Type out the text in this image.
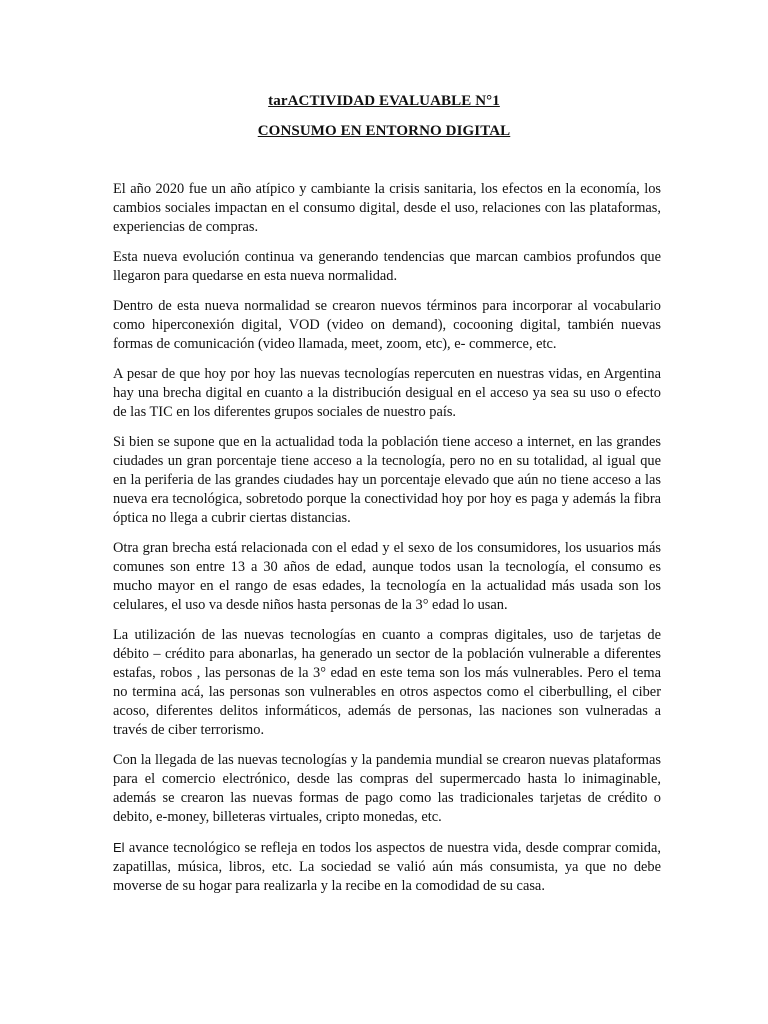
tarACTIVIDAD EVALUABLE N°1
CONSUMO EN ENTORNO DIGITAL

El año 2020 fue un año atípico y cambiante la crisis sanitaria, los efectos en la economía, los cambios sociales impactan en el consumo digital, desde el uso, relaciones con las plataformas, experiencias de compras.

Esta nueva evolución continua va generando tendencias que marcan cambios profundos que llegaron para quedarse en esta nueva normalidad.

Dentro de esta nueva normalidad se crearon nuevos términos para incorporar al vocabulario como hiperconexión digital, VOD (video on demand), cocooning digital, también nuevas formas de comunicación (video llamada, meet, zoom, etc), e- commerce, etc.

A pesar de que hoy por hoy las nuevas tecnologías repercuten en nuestras vidas, en Argentina hay una brecha digital en cuanto a la distribución desigual en el acceso ya sea su uso o efecto de las TIC en los diferentes grupos sociales de nuestro país.

Si bien se supone que en la actualidad toda la población tiene acceso a internet, en las grandes ciudades un gran porcentaje tiene acceso a la tecnología, pero no en su totalidad, al igual que en la periferia de las grandes ciudades hay un porcentaje elevado que aún no tiene acceso a las nueva era tecnológica, sobretodo porque la conectividad hoy por hoy es paga y además la fibra óptica no llega a cubrir ciertas distancias.

Otra gran brecha está relacionada con el edad y el sexo de los consumidores, los usuarios más comunes son entre 13 a 30 años de edad, aunque todos usan la tecnología, el consumo es mucho mayor en el rango de esas edades, la tecnología en la actualidad más usada son los celulares, el uso va desde niños hasta personas de la 3° edad lo usan.

La utilización de las nuevas tecnologías en cuanto a compras digitales, uso de tarjetas de débito – crédito para abonarlas, ha generado un sector de la población vulnerable a diferentes estafas, robos , las personas de la 3° edad en este tema son los más vulnerables. Pero el tema no termina acá, las personas son vulnerables en otros aspectos como el ciberbulling, el ciber acoso, diferentes delitos informáticos, además de personas, las naciones son vulneradas a través de ciber terrorismo.

Con la llegada de las nuevas tecnologías y la pandemia mundial se crearon nuevas plataformas para el comercio electrónico, desde las compras del supermercado hasta lo inimaginable, además se crearon las nuevas formas de pago como las tradicionales tarjetas de crédito o debito, e-money, billeteras virtuales, cripto monedas, etc.

El avance tecnológico se refleja en todos los aspectos de nuestra vida, desde comprar comida, zapatillas, música, libros, etc. La sociedad se valió aún más consumista, ya que no debe moverse de su hogar para realizarla y la recibe en la comodidad de su casa.
